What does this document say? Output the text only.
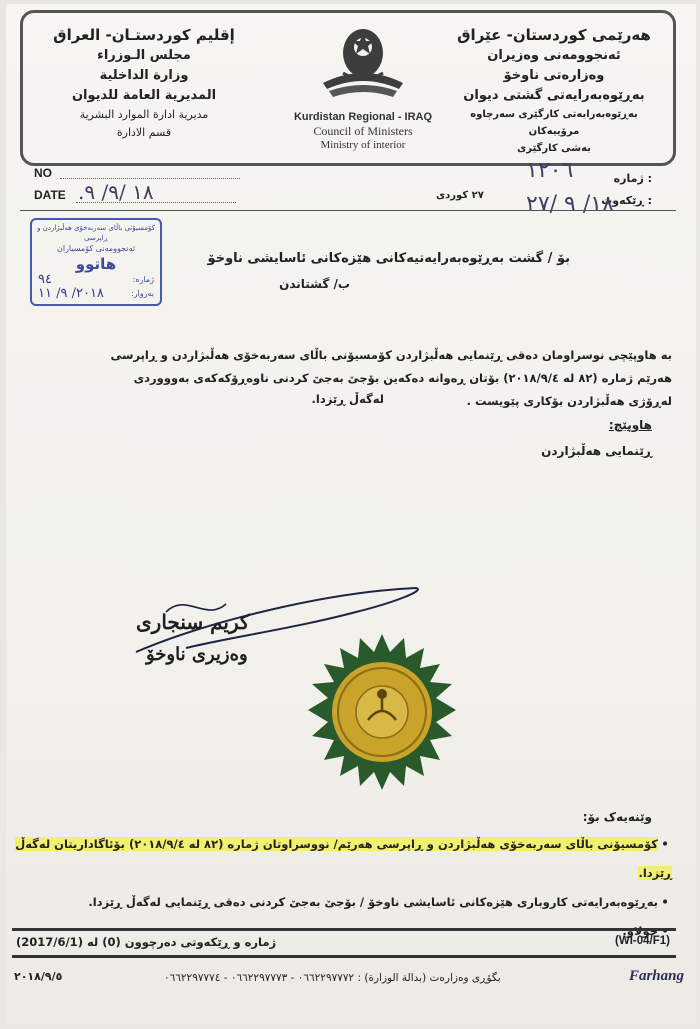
هەرێمی کوردستان- عێراق
ئەنجوومەنی وەزیران
وەزارەتی ناوخۆ
بەڕێوەبەرایەتی گشتی دیوان
بەڕێوەبەرایەتی کارگێری سەرچاوە مرۆییەکان
بەشی کارگێری
Kurdistan Regional - IRAQ
Council of Ministers
Ministry of interior
إقليم كوردستـان- العراق
مجلس الـوزراء
وزارة الداخلية
المديرية العامة للديوان
مديرية ادارة الموارد البشرية
قسم الادارة
NO
DATE .١٨ /٩/ ٩
: ژمارە
١٢٠٦
: ڕێکەوت
١٨/ ٩ /٢٧
٢٧ کوردی
کۆمسیۆنی باڵای سەربەخۆی هەڵبژاردن و ڕاپرسی
ئەنجوومەنی کۆمسیاران
هاتوو
ژمارە:
٩٤
بەروار:
٢٠١٨/ ٩/ ١١
بۆ / گشت بەڕێوەبەرایەتیەکانی هێزەکانی ئاسایشی ناوخۆ
ب/ گشتاندن
بە هاوپێچی نوسراومان دەقی ڕێنمایی هەڵبژاردن کۆمسیۆنی باڵای سەربەخۆی هەڵبژاردن و ڕاپرسی هەرێم ژمارە (٨٢ لە ٢٠١٨/٩/٤) بۆتان ڕەوانە دەکەین بۆجێ بەجێ کردنی ناوەڕۆکەکەی بەوووردی لەڕۆژی هەڵبژاردن بۆکاری پێویست .
لەگەڵ ڕێزدا.
هاوپێچ:
ڕێنمایی هەڵبژاردن
کریم سنجاری
وەزیری ناوخۆ
وێنەیەک بۆ:
•کۆمسیۆنی باڵای سەربەخۆی هەڵبژاردن و ڕاپرسی هەرێم/ نووسراوتان ژمارە (٨٢ لە ٢٠١٨/٩/٤) بۆئاگاداریتان لەگەڵ ڕێزدا.
•بەڕێوەبەرایەتی کاروباری هێزەکانی ئاسایشی ناوخۆ / بۆجێ بەجێ کردنی دەقی ڕێنمایی لەگەڵ ڕێزدا.
•خولاو.
ژمارە و ڕێکەوتی دەرچوون (0) لە (2017/6/1)	(WI-04/F1)
٢٠١٨/٩/٥	بگۆڕی وەزارەت (بدالة الوزارة) : ٠٦٦٢٢٩٧٧٧٢ - ٠٦٦٢٢٩٧٧٧٣ - ٠٦٦٢٢٩٧٧٧٤	Farhang
